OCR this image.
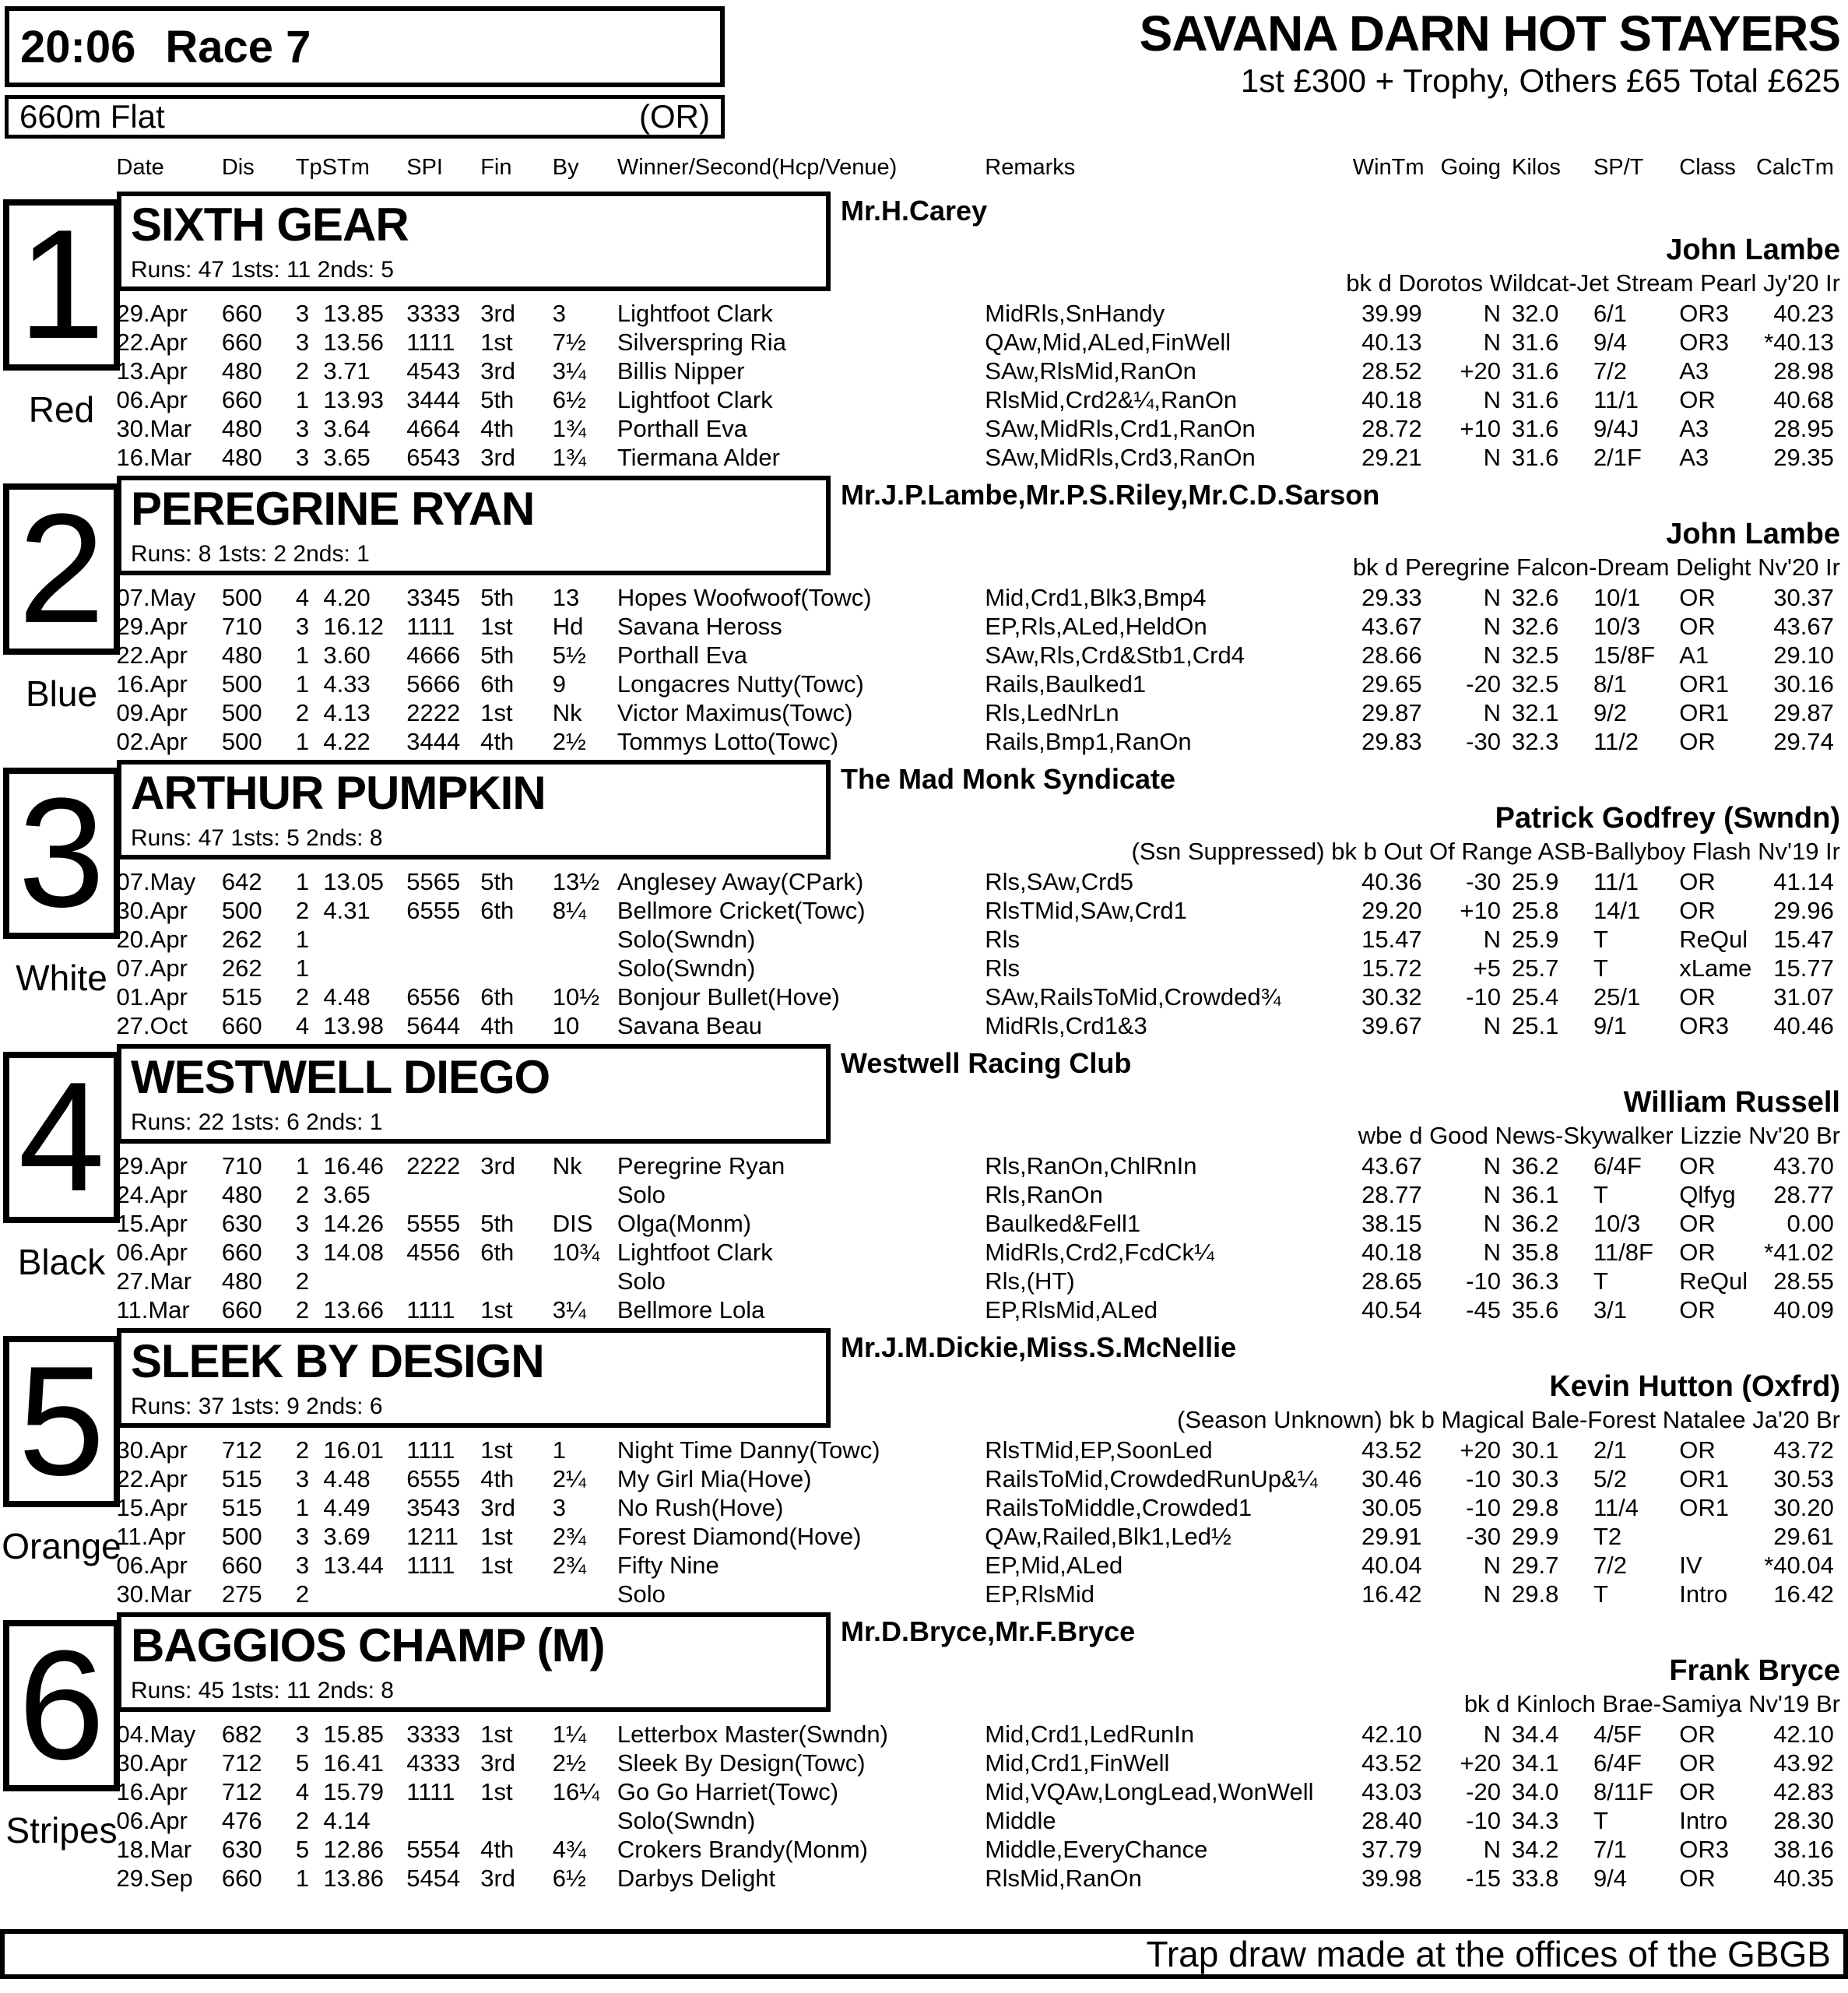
20:06 Race 7
660m Flat	(OR)
SAVANA DARN HOT STAYERS
1st £300 + Trophy, Others £65 Total £625
Date	Dis	TpSTm	SPI	Fin	By	Winner/Second(Hcp/Venue)	Remarks	WinTm Going Kilos	SP/T	Class CalcTm
1
Red
SIXTH GEAR
Runs: 47 1sts: 11 2nds: 5
Mr.H.Carey
John Lambe
bk d Dorotos Wildcat-Jet Stream Pearl Jy'20 Ir
29.Apr	660	3 13.85 3333 3rd	3	Lightfoot Clark	MidRls,SnHandy	39.99	N 32.0	6/1	OR3	40.23
22.Apr	660	3 13.56 1111	1st	7½	Silverspring Ria	QAw,Mid,ALed,FinWell	40.13	N 31.6	9/4	OR3	*40.13
13.Apr	480	2 3.71	4543 3rd	3¼	Billis Nipper	SAw,RlsMid,RanOn	28.52	+20 31.6	7/2	A3	28.98
06.Apr	660	1 13.93 3444 5th	6½	Lightfoot Clark	RlsMid,Crd2&¼,RanOn	40.18	N 31.6	11/1	OR	40.68
30.Mar	480	3 3.64	4664 4th	1¾	Porthall Eva	SAw,MidRls,Crd1,RanOn	28.72	+10 31.6	9/4J	A3	28.95
16.Mar	480	3 3.65	6543 3rd	1¾	Tiermana Alder	SAw,MidRls,Crd3,RanOn	29.21	N 31.6	2/1F	A3	29.35
2
Blue
PEREGRINE RYAN
Runs: 8 1sts: 2 2nds: 1
Mr.J.P.Lambe,Mr.P.S.Riley,Mr.C.D.Sarson
John Lambe
bk d Peregrine Falcon-Dream Delight Nv'20 Ir
07.May	500	4 4.20	3345 5th	13	Hopes Woofwoof(Towc)	Mid,Crd1,Blk3,Bmp4	29.33	N 32.6	10/1	OR	30.37
29.Apr	710	3 16.12 1111	1st	Hd	Savana Heross	EP,Rls,ALed,HeldOn	43.67	N 32.6	10/3	OR	43.67
22.Apr	480	1 3.60	4666 5th	5½	Porthall Eva	SAw,Rls,Crd&Stb1,Crd4	28.66	N 32.5	15/8F	A1	29.10
16.Apr	500	1 4.33	5666 6th	9	Longacres Nutty(Towc)	Rails,Baulked1	29.65	-20 32.5	8/1	OR1	30.16
09.Apr	500	2 4.13	2222 1st	Nk	Victor Maximus(Towc)	Rls,LedNrLn	29.87	N 32.1	9/2	OR1	29.87
02.Apr	500	1 4.22	3444 4th	2½	Tommys Lotto(Towc)	Rails,Bmp1,RanOn	29.83	-30 32.3	11/2	OR	29.74
3
White
ARTHUR PUMPKIN
Runs: 47 1sts: 5 2nds: 8
The Mad Monk Syndicate
Patrick Godfrey (Swndn)
(Ssn Suppressed) bk b Out Of Range ASB-Ballyboy Flash Nv'19 Ir
07.May	642	1 13.05 5565 5th	13½ Anglesey Away(CPark)	Rls,SAw,Crd5	40.36	-30 25.9	11/1	OR	41.14
30.Apr	500	2 4.31	6555 6th	8¼	Bellmore Cricket(Towc)	RlsTMid,SAw,Crd1	29.20	+10 25.8	14/1	OR	29.96
20.Apr	262	1	Solo(Swndn)	Rls	15.47	N 25.9	T	ReQul	15.47
07.Apr	262	1	Solo(Swndn)	Rls	15.72	+5 25.7	T	xLame 15.77
01.Apr	515	2 4.48	6556 6th	10½ Bonjour Bullet(Hove)	SAw,RailsToMid,Crowded¾	30.32	-10 25.4	25/1	OR	31.07
27.Oct	660	4 13.98 5644 4th	10	Savana Beau	MidRls,Crd1&3	39.67	N 25.1	9/1	OR3	40.46
4
Black
WESTWELL DIEGO
Runs: 22 1sts: 6 2nds: 1
Westwell Racing Club
William Russell
wbe d Good News-Skywalker Lizzie Nv'20 Br
29.Apr	710	1 16.46 2222 3rd	Nk	Peregrine Ryan	Rls,RanOn,ChlRnIn	43.67	N 36.2	6/4F	OR	43.70
24.Apr	480	2 3.65	Solo	Rls,RanOn	28.77	N 36.1	T	Qlfyg	28.77
15.Apr	630	3 14.26 5555 5th	DIS	Olga(Monm)	Baulked&Fell1	38.15	N 36.2	10/3	OR	0.00
06.Apr	660	3 14.08 4556 6th	10¾ Lightfoot Clark	MidRls,Crd2,FcdCk¼	40.18	N 35.8	11/8F	OR	*41.02
27.Mar	480	2	Solo	Rls,(HT)	28.65	-10 36.3	T	ReQul	28.55
11.Mar	660	2 13.66 1111	1st	3¼	Bellmore Lola	EP,RlsMid,ALed	40.54	-45 35.6	3/1	OR	40.09
5
Orange
SLEEK BY DESIGN
Runs: 37 1sts: 9 2nds: 6
Mr.J.M.Dickie,Miss.S.McNellie
Kevin Hutton (Oxfrd)
(Season Unknown) bk b Magical Bale-Forest Natalee Ja'20 Br
30.Apr	712	2 16.01 1111	1st	1	Night Time Danny(Towc)	RlsTMid,EP,SoonLed	43.52	+20 30.1	2/1	OR	43.72
22.Apr	515	3 4.48	6555 4th	2¼	My Girl Mia(Hove)	RailsToMid,CrowdedRunUp&¼	30.46	-10 30.3	5/2	OR1	30.53
15.Apr	515	1 4.49	3543 3rd	3	No Rush(Hove)	RailsToMiddle,Crowded1	30.05	-10 29.8	11/4	OR1	30.20
11.Apr	500	3 3.69	1211 1st	2¾	Forest Diamond(Hove)	QAw,Railed,Blk1,Led½	29.91	-30 29.9	T2	29.61
06.Apr	660	3 13.44 1111	1st	2¾	Fifty Nine	EP,Mid,ALed	40.04	N 29.7	7/2	IV	*40.04
30.Mar	275	2	Solo	EP,RlsMid	16.42	N 29.8	T	Intro	16.42
6
Stripes
BAGGIOS CHAMP (M)
Runs: 45 1sts: 11 2nds: 8
Mr.D.Bryce,Mr.F.Bryce
Frank Bryce
bk d Kinloch Brae-Samiya Nv'19 Br
04.May	682	3 15.85 3333 1st	1¼	Letterbox Master(Swndn)	Mid,Crd1,LedRunIn	42.10	N 34.4	4/5F	OR	42.10
30.Apr	712	5 16.41 4333 3rd	2½	Sleek By Design(Towc)	Mid,Crd1,FinWell	43.52	+20 34.1	6/4F	OR	43.92
16.Apr	712	4 15.79 1111	1st	16¼ Go Go Harriet(Towc)	Mid,VQAw,LongLead,WonWell	43.03	-20 34.0	8/11F	OR	42.83
06.Apr	476	2 4.14	Solo(Swndn)	Middle	28.40	-10 34.3	T	Intro	28.30
18.Mar	630	5 12.86 5554 4th	4¾	Crokers Brandy(Monm)	Middle,EveryChance	37.79	N 34.2	7/1	OR3	38.16
29.Sep	660	1 13.86 5454 3rd	6½	Darbys Delight	RlsMid,RanOn	39.98	-15 33.8	9/4	OR	40.35
Trap draw made at the offices of the GBGB
